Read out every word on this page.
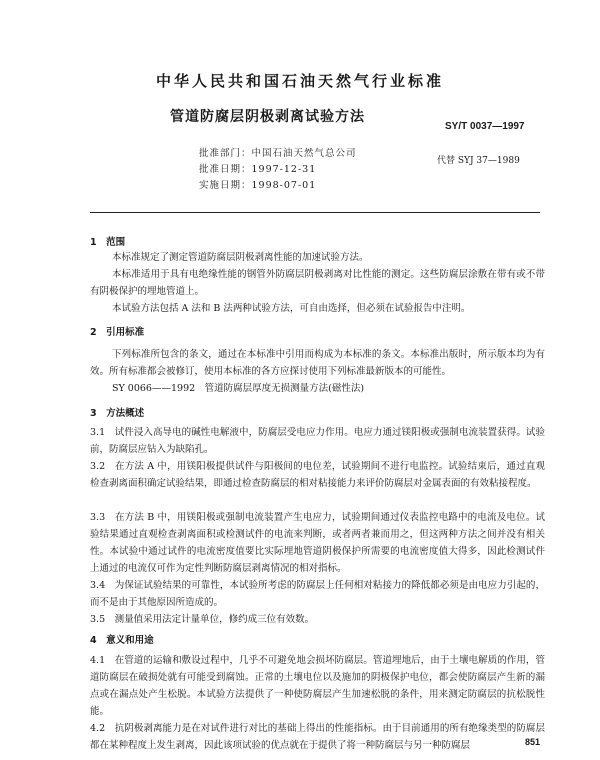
中华人民共和国石油天然气行业标准
管道防腐层阴极剥离试验方法
SY/T 0037—1997
批准部门：中国石油天然气总公司
批准日期：1997-12-31
实施日期：1998-07-01
代替 SYJ 37—1989
1　范围
本标准规定了测定管道防腐层阴极剥离性能的加速试验方法。
本标准适用于具有电绝缘性能的钢管外防腐层阴极剥离对比性能的测定。这些防腐层涂敷在带有或不带有阴极保护的埋地管道上。
本试验方法包括 A 法和 B 法两种试验方法，可自由选择，但必须在试验报告中注明。
2　引用标准
下列标准所包含的条文，通过在本标准中引用而构成为本标准的条文。本标准出版时，所示版本均为有效。所有标准都会被修订，使用本标准的各方应探讨使用下列标准最新版本的可能性。
SY 0066——1992　管道防腐层厚度无损测量方法(磁性法)
3　方法概述
3.1　试件浸入高导电的碱性电解液中，防腐层受电应力作用。电应力通过镁阳极或强制电流装置获得。试验前，防腐层应钻入为缺陷孔。
3.2　在方法 A 中，用镁阳极提供试件与阳极间的电位差，试验期间不进行电监控。试验结束后，通过直观检查剥离面积确定试验结果，即通过检查防腐层的相对粘接能力来评价防腐层对金属表面的有效粘接程度。
3.3　在方法 B 中，用镁阳极或强制电流装置产生电应力，试验期间通过仪表监控电路中的电流及电位。试验结果通过直观检查剥离面积或检测试件的电流来判断，或者两者兼而用之，但这两种方法之间并没有相关性。本试验中通过试件的电流密度值要比实际埋地管道阴极保护所需要的电流密度值大得多，因此检测试件上通过的电流仅可作为定性判断防腐层剥离情况的相对指标。
3.4　为保证试验结果的可靠性，本试验所考虑的防腐层上任何相对粘接力的降低都必须是由电应力引起的，而不是由于其他原因所造成的。
3.5　测量值采用法定计量单位，修约成三位有效数。
4　意义和用途
4.1　在管道的运输和敷设过程中，几乎不可避免地会损坏防腐层。管道埋地后，由于土壤电解质的作用，管道防腐层在破损处就有可能受到腐蚀。正常的土壤电位以及施加的阴极保护电位，都会使防腐层产生新的漏点或在漏点处产生松脱。本试验方法提供了一种使防腐层产生加速松脱的条件，用来测定防腐层的抗松脱性能。
4.2　抗阴极剥离能力是在对试件进行对比的基础上得出的性能指标。由于目前通用的所有绝缘类型的防腐层都在某种程度上发生剥离，因此该项试验的优点就在于提供了将一种防腐层与另一种防腐层	851
